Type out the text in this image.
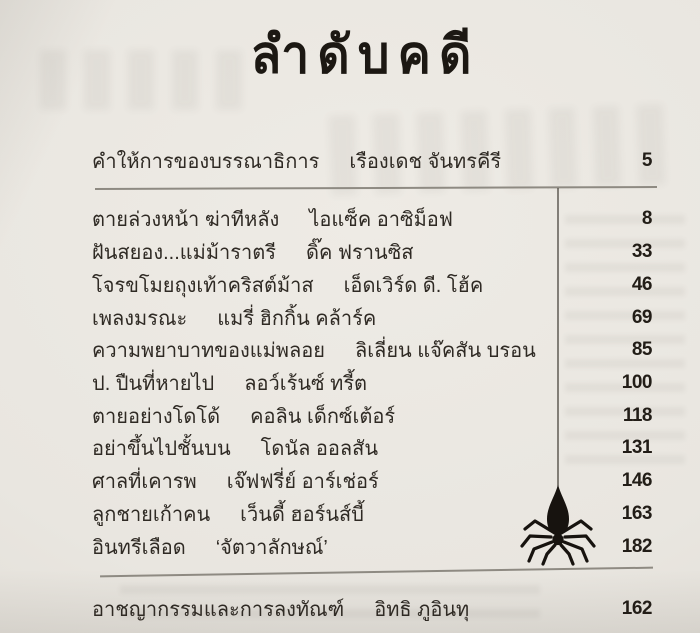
ลำดับคดี
คำให้การของบรรณาธิการ เรืองเดช จันทรคีรี	5
ตายล่วงหน้า ฆ่าทีหลัง ไอแซ็ค อาซิม็อฟ	8
ฝันสยอง...แม่ม้าราตรี ดิ๊ค ฟรานซิส	33
โจรขโมยถุงเท้าคริสต์ม้าส เอ็ดเวิร์ด ดี. โฮ้ค	46
เพลงมรณะ แมรี่ ฮิกกิ้น คล้าร์ค	69
ความพยาบาทของแม่พลอย ลิเลี่ยน แจ๊คสัน บรอน	85
ป. ปืนที่หายไป ลอว์เร้นซ์ ทรี้ต	100
ตายอย่างโดโด้ คอลิน เด็กซ์เต้อร์	118
อย่าขึ้นไปชั้นบน โดนัล ออลสัน	131
ศาลที่เคารพ เจ๊ฟฟรี่ย์ อาร์เช่อร์	146
ลูกชายเก้าคน เว็นดี้ ฮอร์นส์บี้	163
อินทรีเลือด ‘จัตวาลักษณ์’	182
อาชญากรรมและการลงทัณฑ์ อิทธิ ภูอินทุ	162
